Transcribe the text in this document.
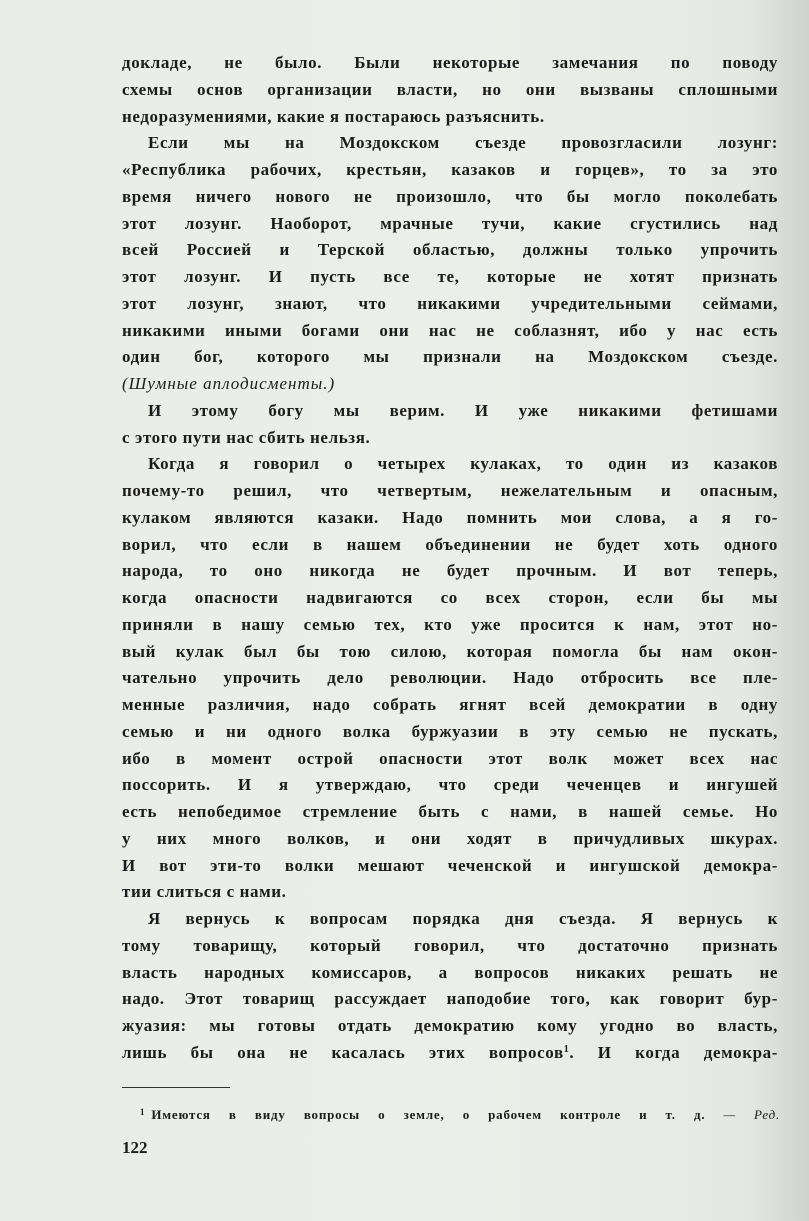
докладе, не было. Были некоторые замечания по поводу
схемы основ организации власти, но они вызваны сплошными
недоразумениями, какие я постараюсь разъяснить.
Если мы на Моздокском съезде провозгласили лозунг:
«Республика рабочих, крестьян, казаков и горцев», то за это
время ничего нового не произошло, что бы могло поколебать
этот лозунг. Наоборот, мрачные тучи, какие сгустились над
всей Россией и Терской областью, должны только упрочить
этот лозунг. И пусть все те, которые не хотят признать
этот лозунг, знают, что никакими учредительными сеймами,
никакими иными богами они нас не соблазнят, ибо у нас есть
один бог, которого мы признали на Моздокском съезде.
(Шумные аплодисменты.)
И этому богу мы верим. И уже никакими фетишами
с этого пути нас сбить нельзя.
Когда я говорил о четырех кулаках, то один из казаков
почему-то решил, что четвертым, нежелательным и опасным,
кулаком являются казаки. Надо помнить мои слова, а я го-
ворил, что если в нашем объединении не будет хоть одного
народа, то оно никогда не будет прочным. И вот теперь,
когда опасности надвигаются со всех сторон, если бы мы
приняли в нашу семью тех, кто уже просится к нам, этот но-
вый кулак был бы тою силою, которая помогла бы нам окон-
чательно упрочить дело революции. Надо отбросить все пле-
менные различия, надо собрать ягнят всей демократии в одну
семью и ни одного волка буржуазии в эту семью не пускать,
ибо в момент острой опасности этот волк может всех нас
поссорить. И я утверждаю, что среди чеченцев и ингушей
есть непобедимое стремление быть с нами, в нашей семье. Но
у них много волков, и они ходят в причудливых шкурах.
И вот эти-то волки мешают чеченской и ингушской демокра-
тии слиться с нами.
Я вернусь к вопросам порядка дня съезда. Я вернусь к
тому товарищу, который говорил, что достаточно признать
власть народных комиссаров, а вопросов никаких решать не
надо. Этот товарищ рассуждает наподобие того, как говорит бур-
жуазия: мы готовы отдать демократию кому угодно во власть,
лишь бы она не касалась этих вопросов$^1$. И когда демокра-
$^1$ Имеются в виду вопросы о земле, о рабочем контроле и т. д. — Ред.
122
